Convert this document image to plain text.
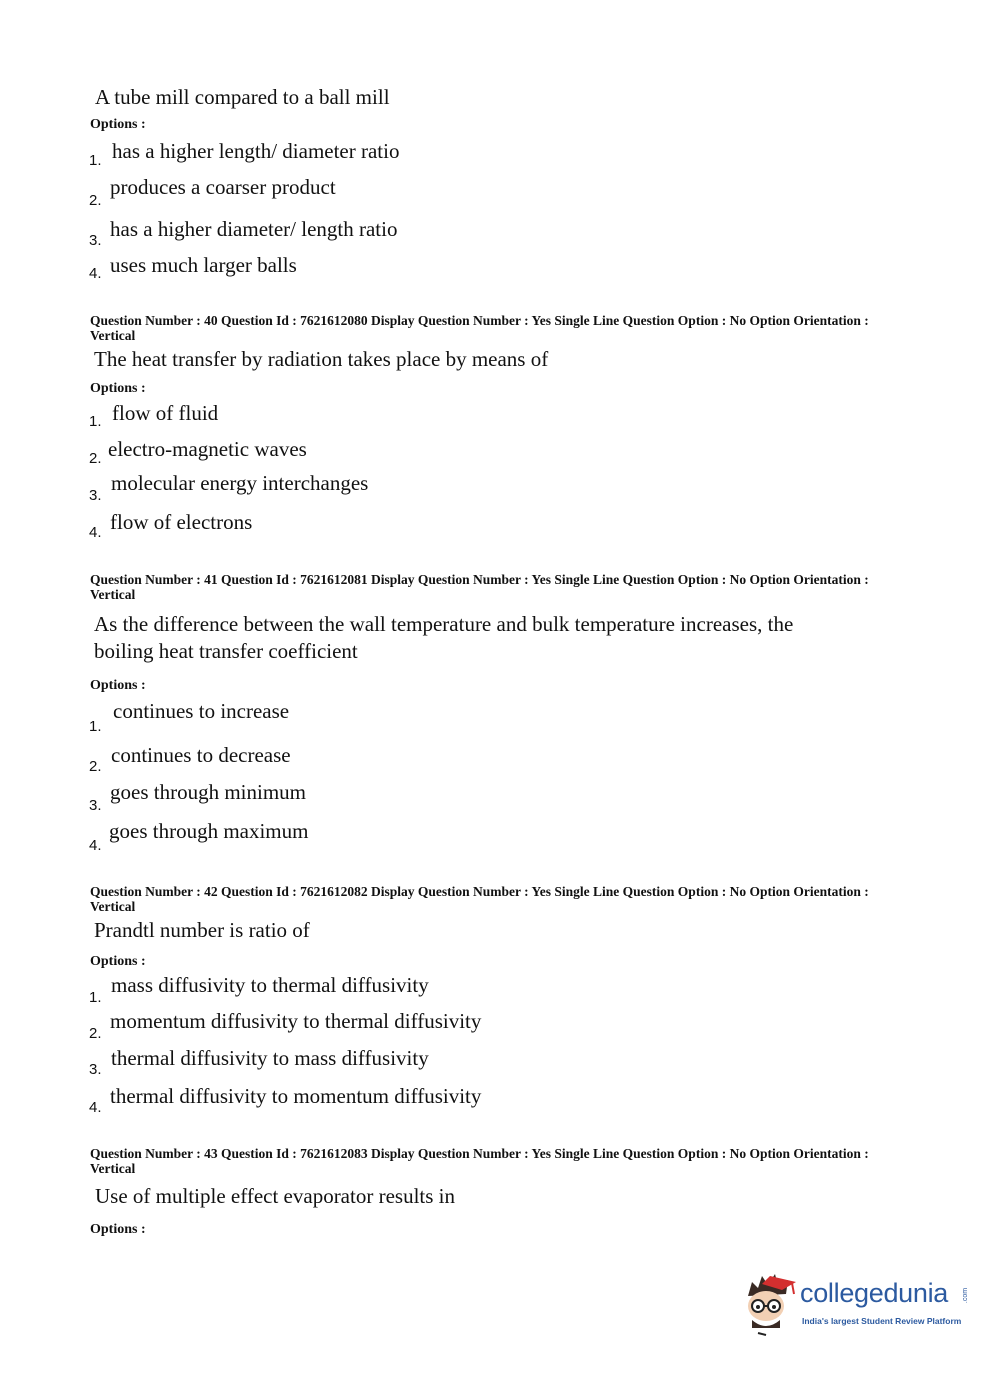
A tube mill compared to a ball mill
Options :
1. has a higher length/ diameter ratio
2.
produces a coarser product
3. has a higher diameter/ length ratio
4. uses much larger balls
Question Number : 40 Question Id : 7621612080 Display Question Number : Yes Single Line Question Option : No Option Orientation : Vertical
The heat transfer by radiation takes place by means of
Options :
1. flow of fluid
2. electro-magnetic waves
3.
molecular energy interchanges
4. flow of electrons
Question Number : 41 Question Id : 7621612081 Display Question Number : Yes Single Line Question Option : No Option Orientation : Vertical
As the difference between the wall temperature and bulk temperature increases, the boiling heat transfer coefficient
Options :
1.
continues to increase
2. continues to decrease
3.
goes through minimum
4.
goes through maximum
Question Number : 42 Question Id : 7621612082 Display Question Number : Yes Single Line Question Option : No Option Orientation : Vertical
Prandtl number is ratio of
Options :
1.
mass diffusivity to thermal diffusivity
2.
momentum diffusivity to thermal diffusivity
3. thermal diffusivity to mass diffusivity
4. thermal diffusivity to momentum diffusivity
Question Number : 43 Question Id : 7621612083 Display Question Number : Yes Single Line Question Option : No Option Orientation : Vertical
Use of multiple effect evaporator results in
Options :
collegedunia .com
India's largest Student Review Platform
